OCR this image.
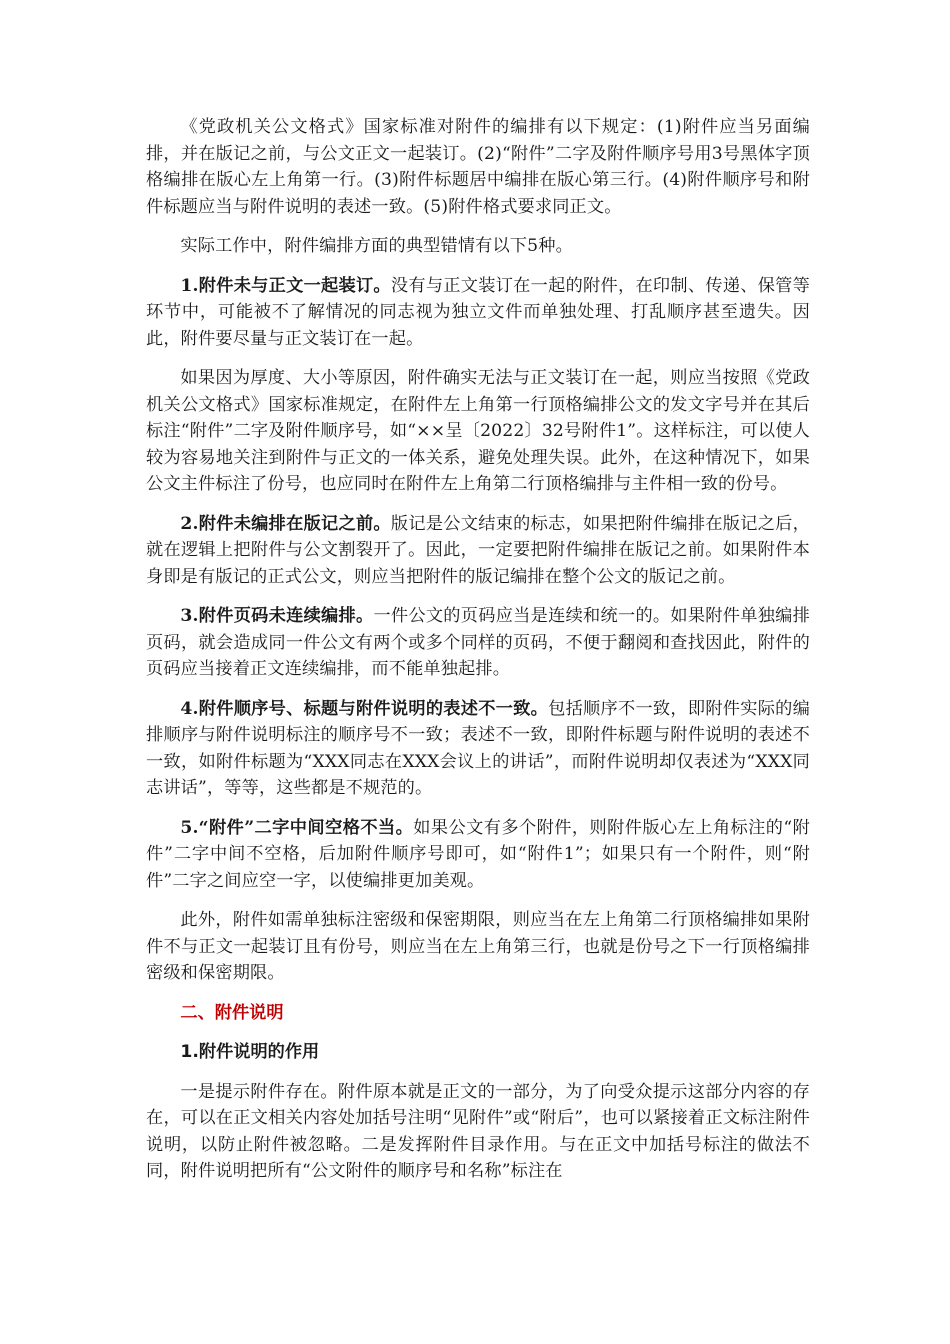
《党政机关公文格式》国家标准对附件的编排有以下规定：(1)附件应当另面编排，并在版记之前，与公文正文一起装订。(2)“附件”二字及附件顺序号用3号黑体字顶格编排在版心左上角第一行。(3)附件标题居中编排在版心第三行。(4)附件顺序号和附件标题应当与附件说明的表述一致。(5)附件格式要求同正文。

实际工作中，附件编排方面的典型错情有以下5种。

1.附件未与正文一起装订。没有与正文装订在一起的附件，在印制、传递、保管等环节中，可能被不了解情况的同志视为独立文件而单独处理、打乱顺序甚至遗失。因此，附件要尽量与正文装订在一起。

如果因为厚度、大小等原因，附件确实无法与正文装订在一起，则应当按照《党政机关公文格式》国家标准规定，在附件左上角第一行顶格编排公文的发文字号并在其后标注“附件”二字及附件顺序号，如“××呈〔2022〕32号附件1”。这样标注，可以使人较为容易地关注到附件与正文的一体关系，避免处理失误。此外，在这种情况下，如果公文主件标注了份号，也应同时在附件左上角第二行顶格编排与主件相一致的份号。

2.附件未编排在版记之前。版记是公文结束的标志，如果把附件编排在版记之后，就在逻辑上把附件与公文割裂开了。因此，一定要把附件编排在版记之前。如果附件本身即是有版记的正式公文，则应当把附件的版记编排在整个公文的版记之前。

3.附件页码未连续编排。一件公文的页码应当是连续和统一的。如果附件单独编排页码，就会造成同一件公文有两个或多个同样的页码，不便于翻阅和查找因此，附件的页码应当接着正文连续编排，而不能单独起排。

4.附件顺序号、标题与附件说明的表述不一致。包括顺序不一致，即附件实际的编排顺序与附件说明标注的顺序号不一致；表述不一致，即附件标题与附件说明的表述不一致，如附件标题为“XXX同志在XXX会议上的讲话”，而附件说明却仅表述为“XXX同志讲话”，等等，这些都是不规范的。

5.“附件”二字中间空格不当。如果公文有多个附件，则附件版心左上角标注的“附件”二字中间不空格，后加附件顺序号即可，如“附件1”；如果只有一个附件，则“附件”二字之间应空一字，以使编排更加美观。

此外，附件如需单独标注密级和保密期限，则应当在左上角第二行顶格编排如果附件不与正文一起装订且有份号，则应当在左上角第三行，也就是份号之下一行顶格编排密级和保密期限。

二、附件说明

1.附件说明的作用

一是提示附件存在。附件原本就是正文的一部分，为了向受众提示这部分内容的存在，可以在正文相关内容处加括号注明“见附件”或“附后”，也可以紧接着正文标注附件说明，以防止附件被忽略。二是发挥附件目录作用。与在正文中加括号标注的做法不同，附件说明把所有“公文附件的顺序号和名称”标注在
